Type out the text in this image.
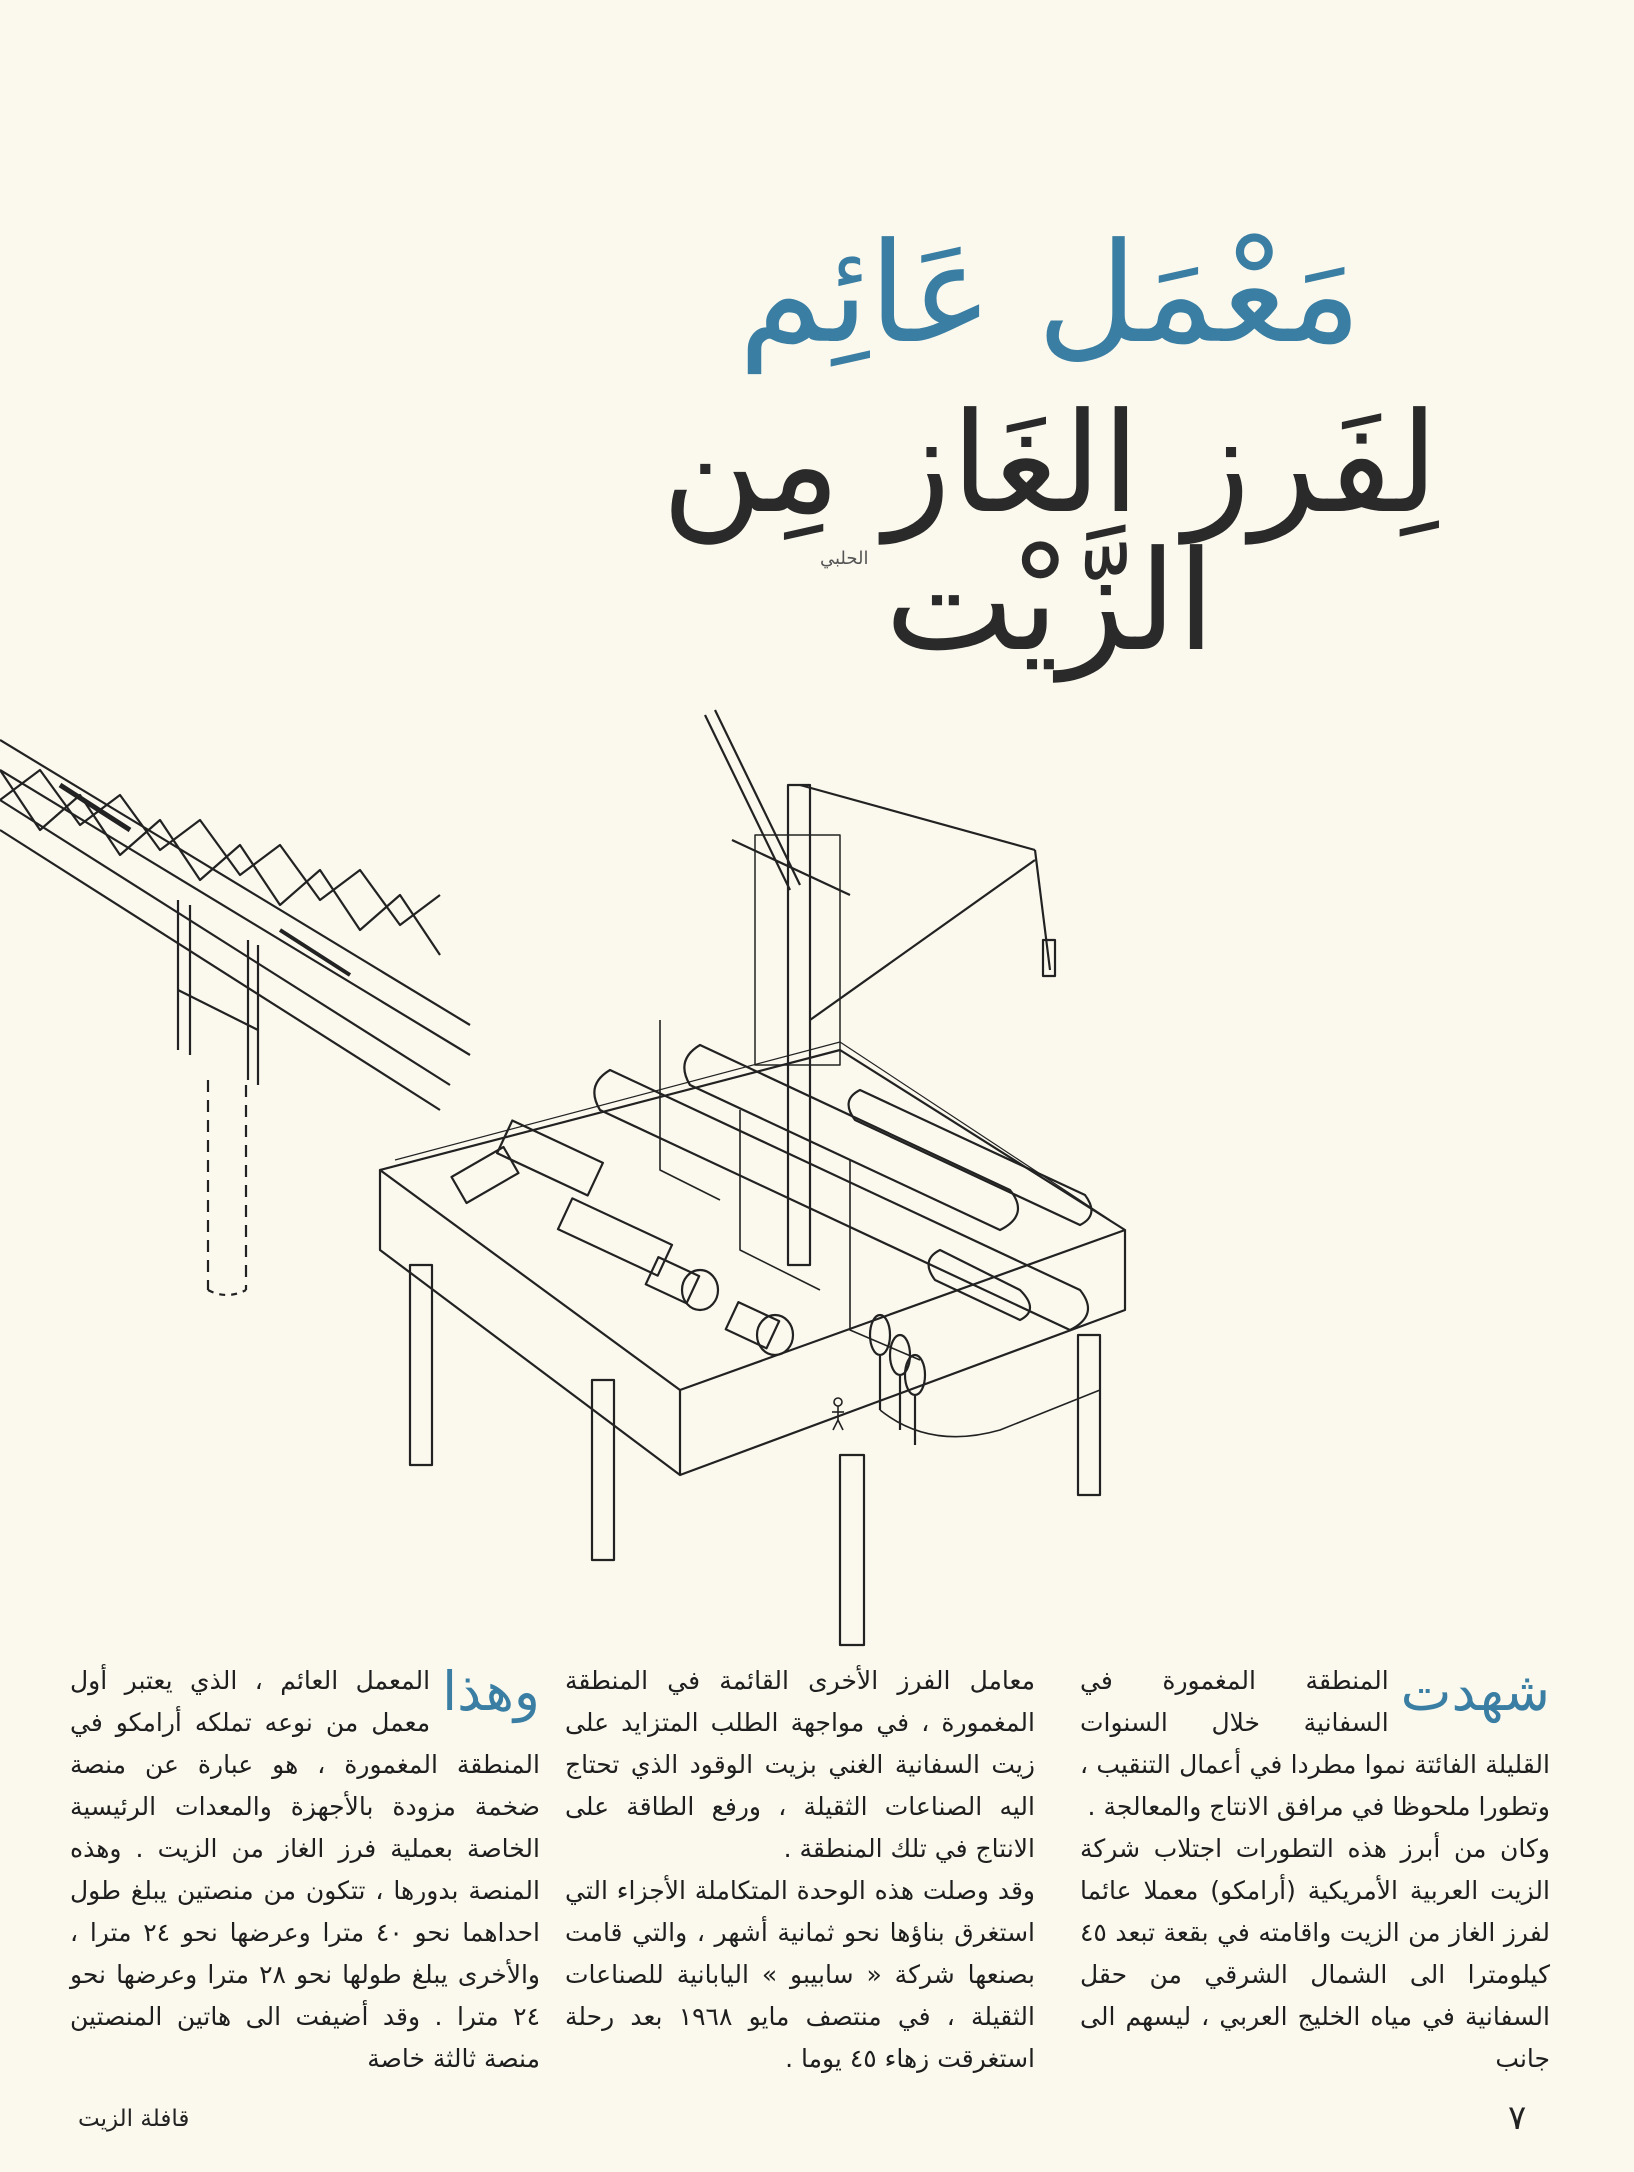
مَعْمَل عَائِم
لِفَرز الغَاز مِن الزَّيْت
الحلبي
شهدت

المنطقة المغمورة في السفانية خلال السنوات القليلة الفائتة نموا مطردا في أعمال التنقيب ، وتطورا ملحوظا في مرافق الانتاج والمعالجة .

وكان من أبرز هذه التطورات اجتلاب شركة الزيت العربية الأمريكية (أرامكو) معملا عائما لفرز الغاز من الزيت واقامته في بقعة تبعد ٤٥ كيلومترا الى الشمال الشرقي من حقل السفانية في مياه الخليج العربي ، ليسهم الى جانب

معامل الفرز الأخرى القائمة في المنطقة المغمورة ، في مواجهة الطلب المتزايد على زيت السفانية الغني بزيت الوقود الذي تحتاج اليه الصناعات الثقيلة ، ورفع الطاقة على الانتاج في تلك المنطقة .

وقد وصلت هذه الوحدة المتكاملة الأجزاء التي استغرق بناؤها نحو ثمانية أشهر ، والتي قامت بصنعها شركة « سابيبو » اليابانية للصناعات الثقيلة ، في منتصف مايو ١٩٦٨ بعد رحلة استغرقت زهاء ٤٥ يوما .

وهذا

المعمل العائم ، الذي يعتبر أول معمل من نوعه تملكه أرامكو في المنطقة المغمورة ، هو عبارة عن منصة ضخمة مزودة بالأجهزة والمعدات الرئيسية الخاصة بعملية فرز الغاز من الزيت . وهذه المنصة بدورها ، تتكون من منصتين يبلغ طول احداهما نحو ٤٠ مترا وعرضها نحو ٢٤ مترا ، والأخرى يبلغ طولها نحو ٢٨ مترا وعرضها نحو ٢٤ مترا . وقد أضيفت الى هاتين المنصتين منصة ثالثة خاصة

٧
قافلة الزيت
